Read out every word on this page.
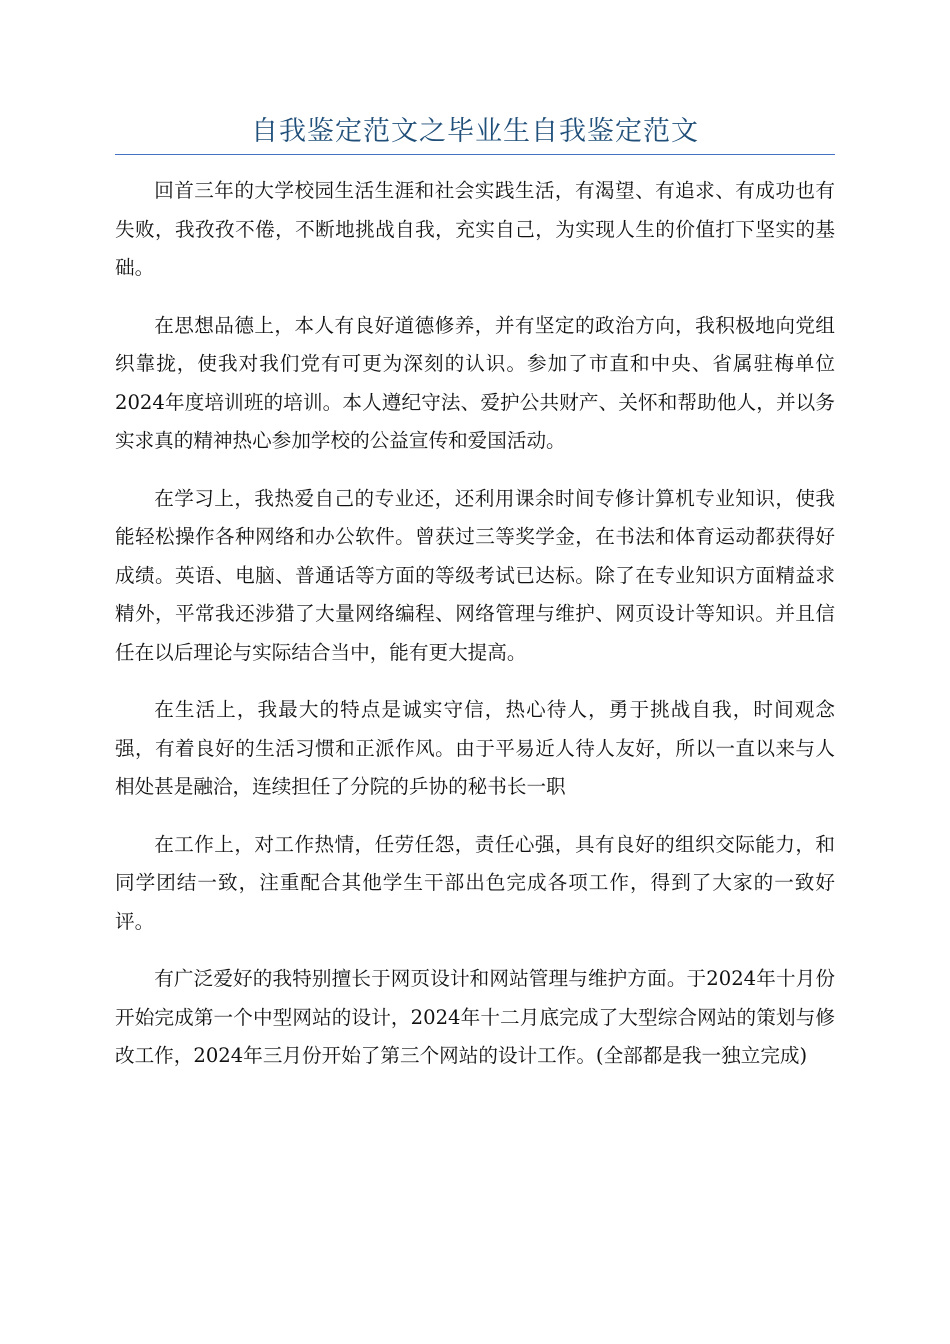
自我鉴定范文之毕业生自我鉴定范文

回首三年的大学校园生活生涯和社会实践生活，有渴望、有追求、有成功也有失败，我孜孜不倦，不断地挑战自我，充实自己，为实现人生的价值打下坚实的基础。

在思想品德上，本人有良好道德修养，并有坚定的政治方向，我积极地向党组织靠拢，使我对我们党有可更为深刻的认识。参加了市直和中央、省属驻梅单位2024年度培训班的培训。本人遵纪守法、爱护公共财产、关怀和帮助他人，并以务实求真的精神热心参加学校的公益宣传和爱国活动。

在学习上，我热爱自己的专业还，还利用课余时间专修计算机专业知识，使我能轻松操作各种网络和办公软件。曾获过三等奖学金，在书法和体育运动都获得好成绩。英语、电脑、普通话等方面的等级考试已达标。除了在专业知识方面精益求精外，平常我还涉猎了大量网络编程、网络管理与维护、网页设计等知识。并且信任在以后理论与实际结合当中，能有更大提高。

在生活上，我最大的特点是诚实守信，热心待人，勇于挑战自我，时间观念强，有着良好的生活习惯和正派作风。由于平易近人待人友好，所以一直以来与人相处甚是融洽，连续担任了分院的乒协的秘书长一职

在工作上，对工作热情，任劳任怨，责任心强，具有良好的组织交际能力，和同学团结一致，注重配合其他学生干部出色完成各项工作，得到了大家的一致好评。

有广泛爱好的我特别擅长于网页设计和网站管理与维护方面。于2024年十月份开始完成第一个中型网站的设计，2024年十二月底完成了大型综合网站的策划与修改工作，2024年三月份开始了第三个网站的设计工作。(全部都是我一独立完成)
